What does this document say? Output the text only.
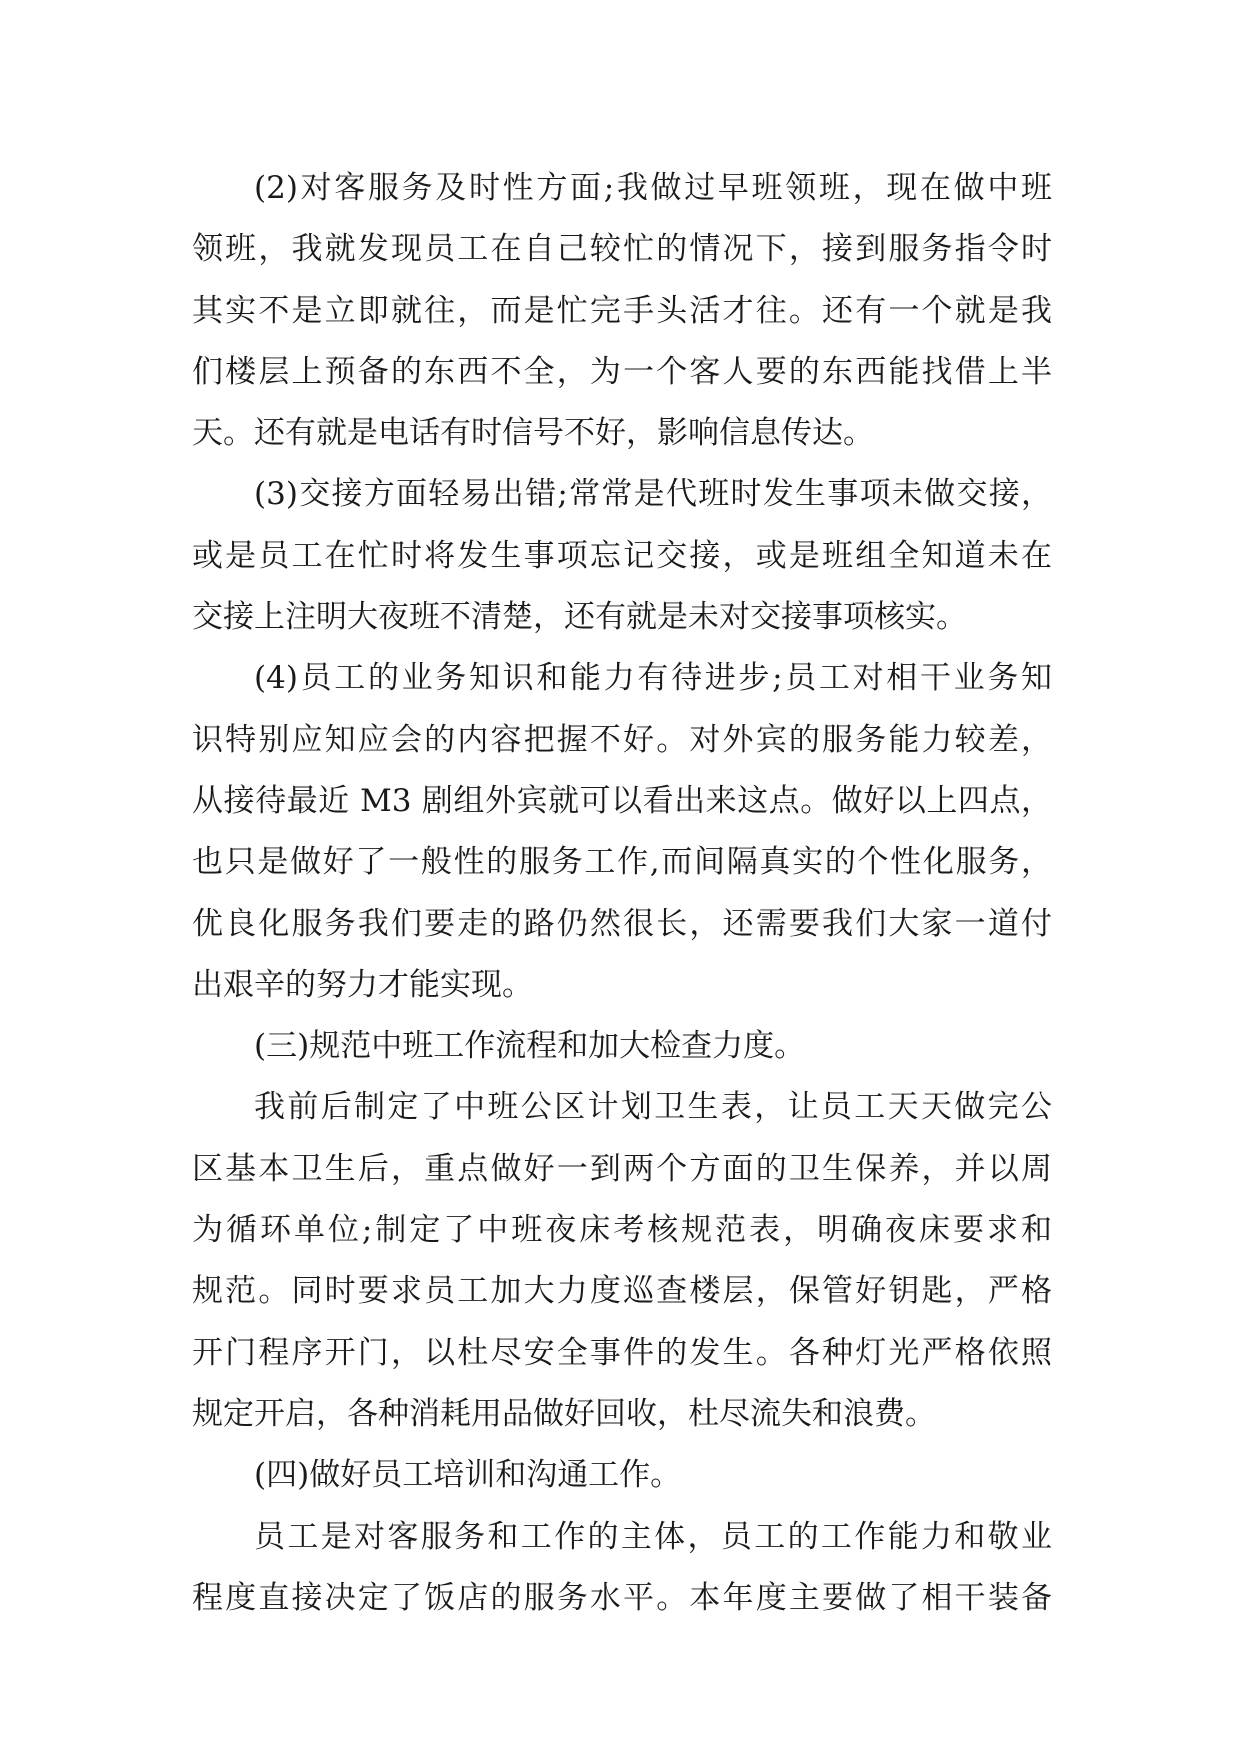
(2)对客服务及时性方面;我做过早班领班，现在做中班
领班，我就发现员工在自己较忙的情况下，接到服务指令时
其实不是立即就往，而是忙完手头活才往。还有一个就是我
们楼层上预备的东西不全，为一个客人要的东西能找借上半
天。还有就是电话有时信号不好，影响信息传达。
(3)交接方面轻易出错;常常是代班时发生事项未做交接，
或是员工在忙时将发生事项忘记交接，或是班组全知道未在
交接上注明大夜班不清楚，还有就是未对交接事项核实。
(4)员工的业务知识和能力有待进步;员工对相干业务知
识特别应知应会的内容把握不好。对外宾的服务能力较差，
从接待最近 M3 剧组外宾就可以看出来这点。做好以上四点，
也只是做好了一般性的服务工作,而间隔真实的个性化服务，
优良化服务我们要走的路仍然很长，还需要我们大家一道付
出艰辛的努力才能实现。
(三)规范中班工作流程和加大检查力度。
我前后制定了中班公区计划卫生表，让员工天天做完公
区基本卫生后，重点做好一到两个方面的卫生保养，并以周
为循环单位;制定了中班夜床考核规范表，明确夜床要求和
规范。同时要求员工加大力度巡查楼层，保管好钥匙，严格
开门程序开门，以杜尽安全事件的发生。各种灯光严格依照
规定开启，各种消耗用品做好回收，杜尽流失和浪费。
(四)做好员工培训和沟通工作。
员工是对客服务和工作的主体，员工的工作能力和敬业
程度直接决定了饭店的服务水平。本年度主要做了相干装备
